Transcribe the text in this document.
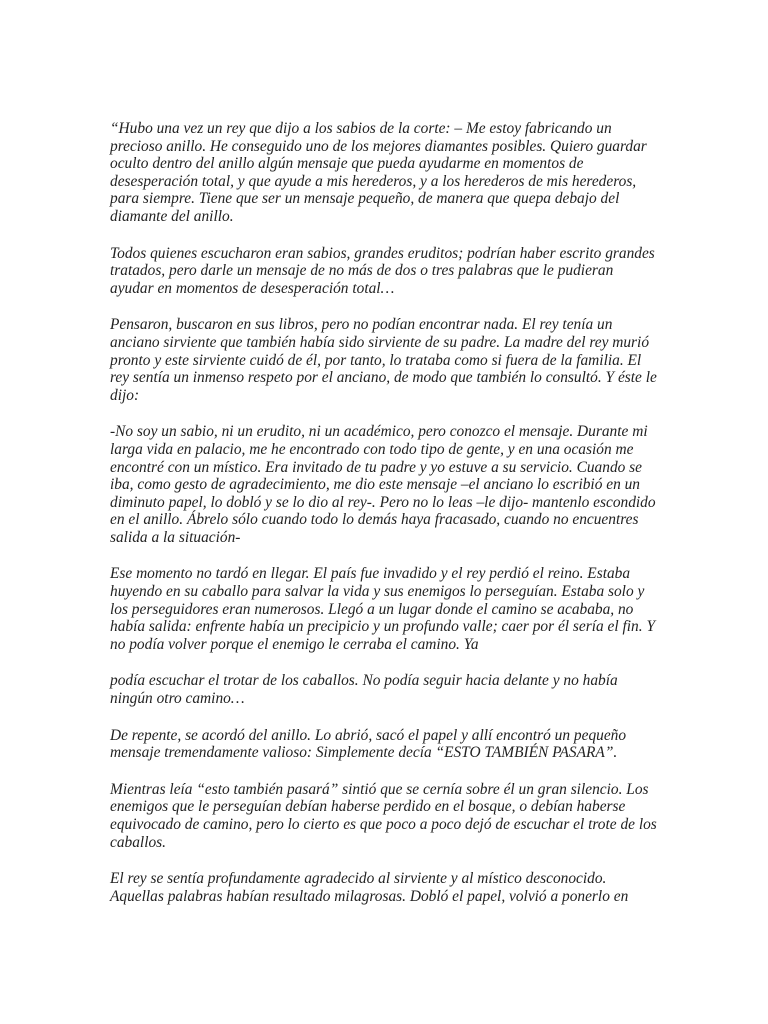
“Hubo una vez un rey que dijo a los sabios de la corte: – Me estoy fabricando un precioso anillo. He conseguido uno de los mejores diamantes posibles. Quiero guardar oculto dentro del anillo algún mensaje que pueda ayudarme en momentos de desesperación total, y que ayude a mis herederos, y a los herederos de mis herederos, para siempre. Tiene que ser un mensaje pequeño, de manera que quepa debajo del diamante del anillo.

Todos quienes escucharon eran sabios, grandes eruditos; podrían haber escrito grandes tratados, pero darle un mensaje de no más de dos o tres palabras que le pudieran ayudar en momentos de desesperación total…

Pensaron, buscaron en sus libros, pero no podían encontrar nada. El rey tenía un anciano sirviente que también había sido sirviente de su padre. La madre del rey murió pronto y este sirviente cuidó de él, por tanto, lo trataba como si fuera de la familia. El rey sentía un inmenso respeto por el anciano, de modo que también lo consultó. Y éste le dijo:

-No soy un sabio, ni un erudito, ni un académico, pero conozco el mensaje. Durante mi larga vida en palacio, me he encontrado con todo tipo de gente, y en una ocasión me encontré con un místico. Era invitado de tu padre y yo estuve a su servicio. Cuando se iba, como gesto de agradecimiento, me dio este mensaje –el anciano lo escribió en un diminuto papel, lo dobló y se lo dio al rey-. Pero no lo leas –le dijo- mantenlo escondido en el anillo. Ábrelo sólo cuando todo lo demás haya fracasado, cuando no encuentres salida a la situación-

Ese momento no tardó en llegar. El país fue invadido y el rey perdió el reino. Estaba huyendo en su caballo para salvar la vida y sus enemigos lo perseguían. Estaba solo y los perseguidores eran numerosos. Llegó a un lugar donde el camino se acababa, no había salida: enfrente había un precipicio y un profundo valle; caer por él sería el fin. Y no podía volver porque el enemigo le cerraba el camino. Ya

podía escuchar el trotar de los caballos. No podía seguir hacia delante y no había ningún otro camino…

De repente, se acordó del anillo. Lo abrió, sacó el papel y allí encontró un pequeño mensaje tremendamente valioso: Simplemente decía “ESTO TAMBIÉN PASARA”.

Mientras leía “esto también pasará” sintió que se cernía sobre él un gran silencio. Los enemigos que le perseguían debían haberse perdido en el bosque, o debían haberse equivocado de camino, pero lo cierto es que poco a poco dejó de escuchar el trote de los caballos.

El rey se sentía profundamente agradecido al sirviente y al místico desconocido. Aquellas palabras habían resultado milagrosas. Dobló el papel, volvió a ponerlo en
